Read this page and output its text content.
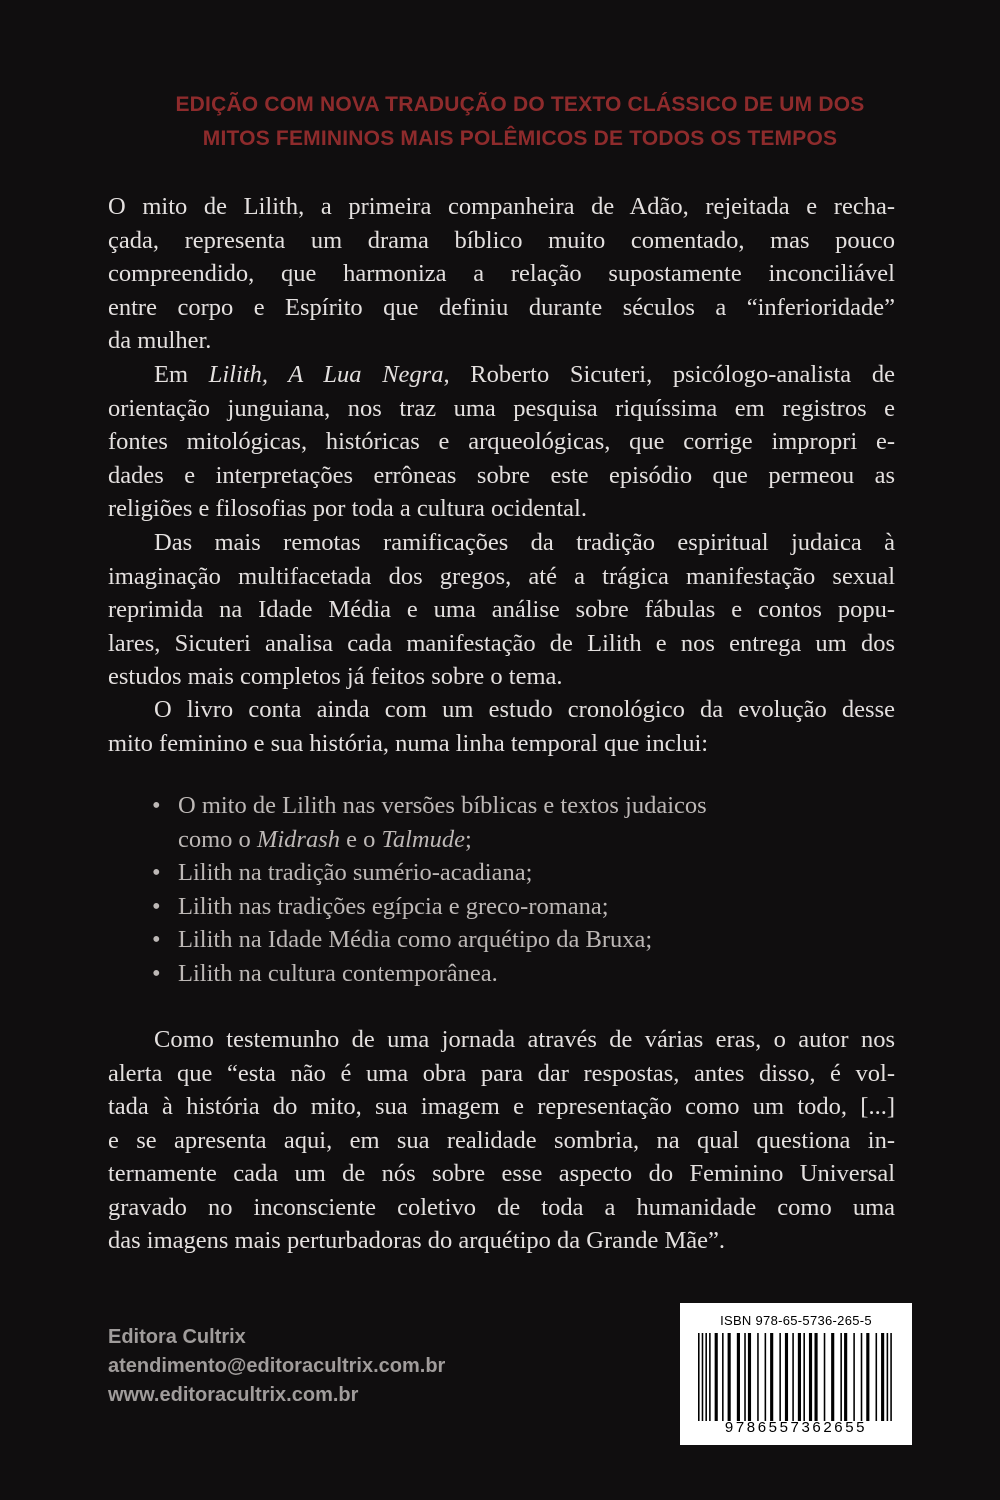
EDIÇÃO COM NOVA TRADUÇÃO DO TEXTO CLÁSSICO DE UM DOS
MITOS FEMININOS MAIS POLÊMICOS DE TODOS OS TEMPOS
O mito de Lilith, a primeira companheira de Adão, rejeitada e recha-
çada, representa um drama bíblico muito comentado, mas pouco
compreendido, que harmoniza a relação supostamente inconciliável
entre corpo e Espírito que definiu durante séculos a “inferioridade”
da mulher.
Em Lilith, A Lua Negra, Roberto Sicuteri, psicólogo-analista de
orientação junguiana, nos traz uma pesquisa riquíssima em registros e
fontes mitológicas, históricas e arqueológicas, que corrige impropri e-
dades e interpretações errôneas sobre este episódio que permeou as
religiões e filosofias por toda a cultura ocidental.
Das mais remotas ramificações da tradição espiritual judaica à
imaginação multifacetada dos gregos, até a trágica manifestação sexual
reprimida na Idade Média e uma análise sobre fábulas e contos popu-
lares, Sicuteri analisa cada manifestação de Lilith e nos entrega um dos
estudos mais completos já feitos sobre o tema.
O livro conta ainda com um estudo cronológico da evolução desse
mito feminino e sua história, numa linha temporal que inclui:
• O mito de Lilith nas versões bíblicas e textos judaicos
como o Midrash e o Talmude;
• Lilith na tradição sumério-acadiana;
• Lilith nas tradições egípcia e greco-romana;
• Lilith na Idade Média como arquétipo da Bruxa;
• Lilith na cultura contemporânea.
Como testemunho de uma jornada através de várias eras, o autor nos
alerta que “esta não é uma obra para dar respostas, antes disso, é vol-
tada à história do mito, sua imagem e representação como um todo, [...]
e se apresenta aqui, em sua realidade sombria, na qual questiona in-
ternamente cada um de nós sobre esse aspecto do Feminino Universal
gravado no inconsciente coletivo de toda a humanidade como uma
das imagens mais perturbadoras do arquétipo da Grande Mãe”.
Editora Cultrix
atendimento@editoracultrix.com.br
www.editoracultrix.com.br
ISBN 978-65-5736-265-5
9786557362655
